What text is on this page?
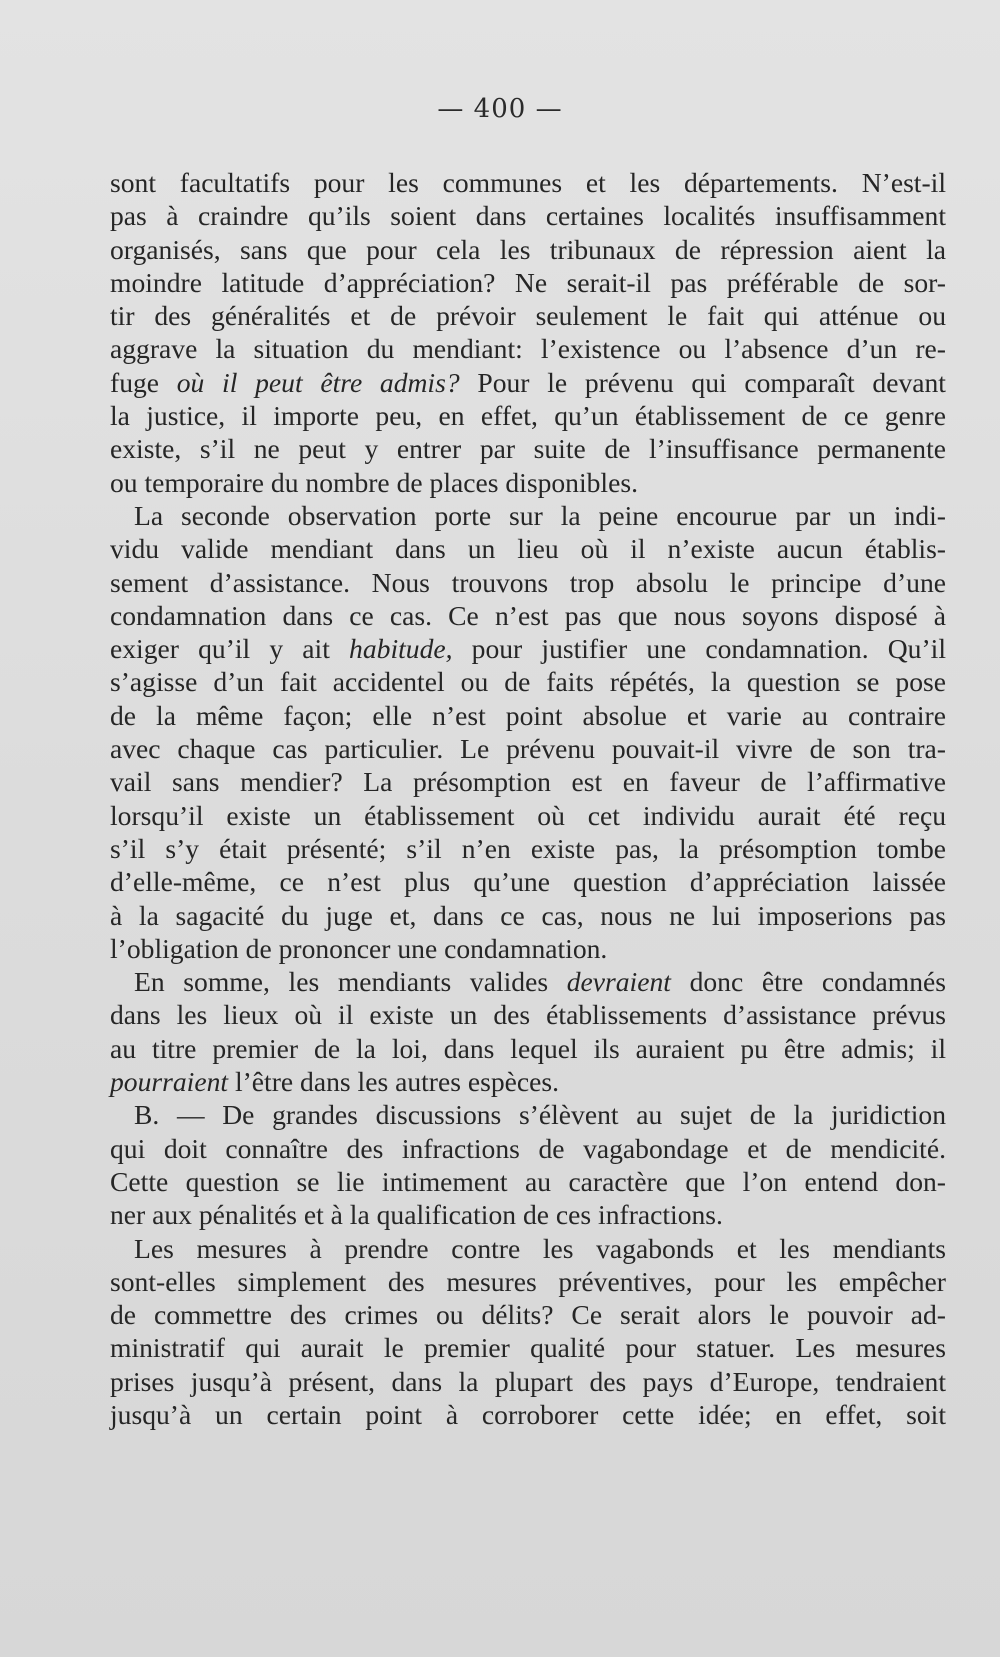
— 400 —
sont facultatifs pour les communes et les départements. N’est-il
pas à craindre qu’ils soient dans certaines localités insuffisamment
organisés, sans que pour cela les tribunaux de répression aient la
moindre latitude d’appréciation? Ne serait-il pas préférable de sor-
tir des généralités et de prévoir seulement le fait qui atténue ou
aggrave la situation du mendiant: l’existence ou l’absence d’un re-
fuge où il peut être admis? Pour le prévenu qui comparaît devant
la justice, il importe peu, en effet, qu’un établissement de ce genre
existe, s’il ne peut y entrer par suite de l’insuffisance permanente
ou temporaire du nombre de places disponibles.
La seconde observation porte sur la peine encourue par un indi-
vidu valide mendiant dans un lieu où il n’existe aucun établis-
sement d’assistance. Nous trouvons trop absolu le principe d’une
condamnation dans ce cas. Ce n’est pas que nous soyons disposé à
exiger qu’il y ait habitude, pour justifier une condamnation. Qu’il
s’agisse d’un fait accidentel ou de faits répétés, la question se pose
de la même façon; elle n’est point absolue et varie au contraire
avec chaque cas particulier. Le prévenu pouvait-il vivre de son tra-
vail sans mendier? La présomption est en faveur de l’affirmative
lorsqu’il existe un établissement où cet individu aurait été reçu
s’il s’y était présenté; s’il n’en existe pas, la présomption tombe
d’elle-même, ce n’est plus qu’une question d’appréciation laissée
à la sagacité du juge et, dans ce cas, nous ne lui imposerions pas
l’obligation de prononcer une condamnation.
En somme, les mendiants valides devraient donc être condamnés
dans les lieux où il existe un des établissements d’assistance prévus
au titre premier de la loi, dans lequel ils auraient pu être admis; il
pourraient l’être dans les autres espèces.
B. — De grandes discussions s’élèvent au sujet de la juridiction
qui doit connaître des infractions de vagabondage et de mendicité.
Cette question se lie intimement au caractère que l’on entend don-
ner aux pénalités et à la qualification de ces infractions.
Les mesures à prendre contre les vagabonds et les mendiants
sont-elles simplement des mesures préventives, pour les empêcher
de commettre des crimes ou délits? Ce serait alors le pouvoir ad-
ministratif qui aurait le premier qualité pour statuer. Les mesures
prises jusqu’à présent, dans la plupart des pays d’Europe, tendraient
jusqu’à un certain point à corroborer cette idée; en effet, soit
